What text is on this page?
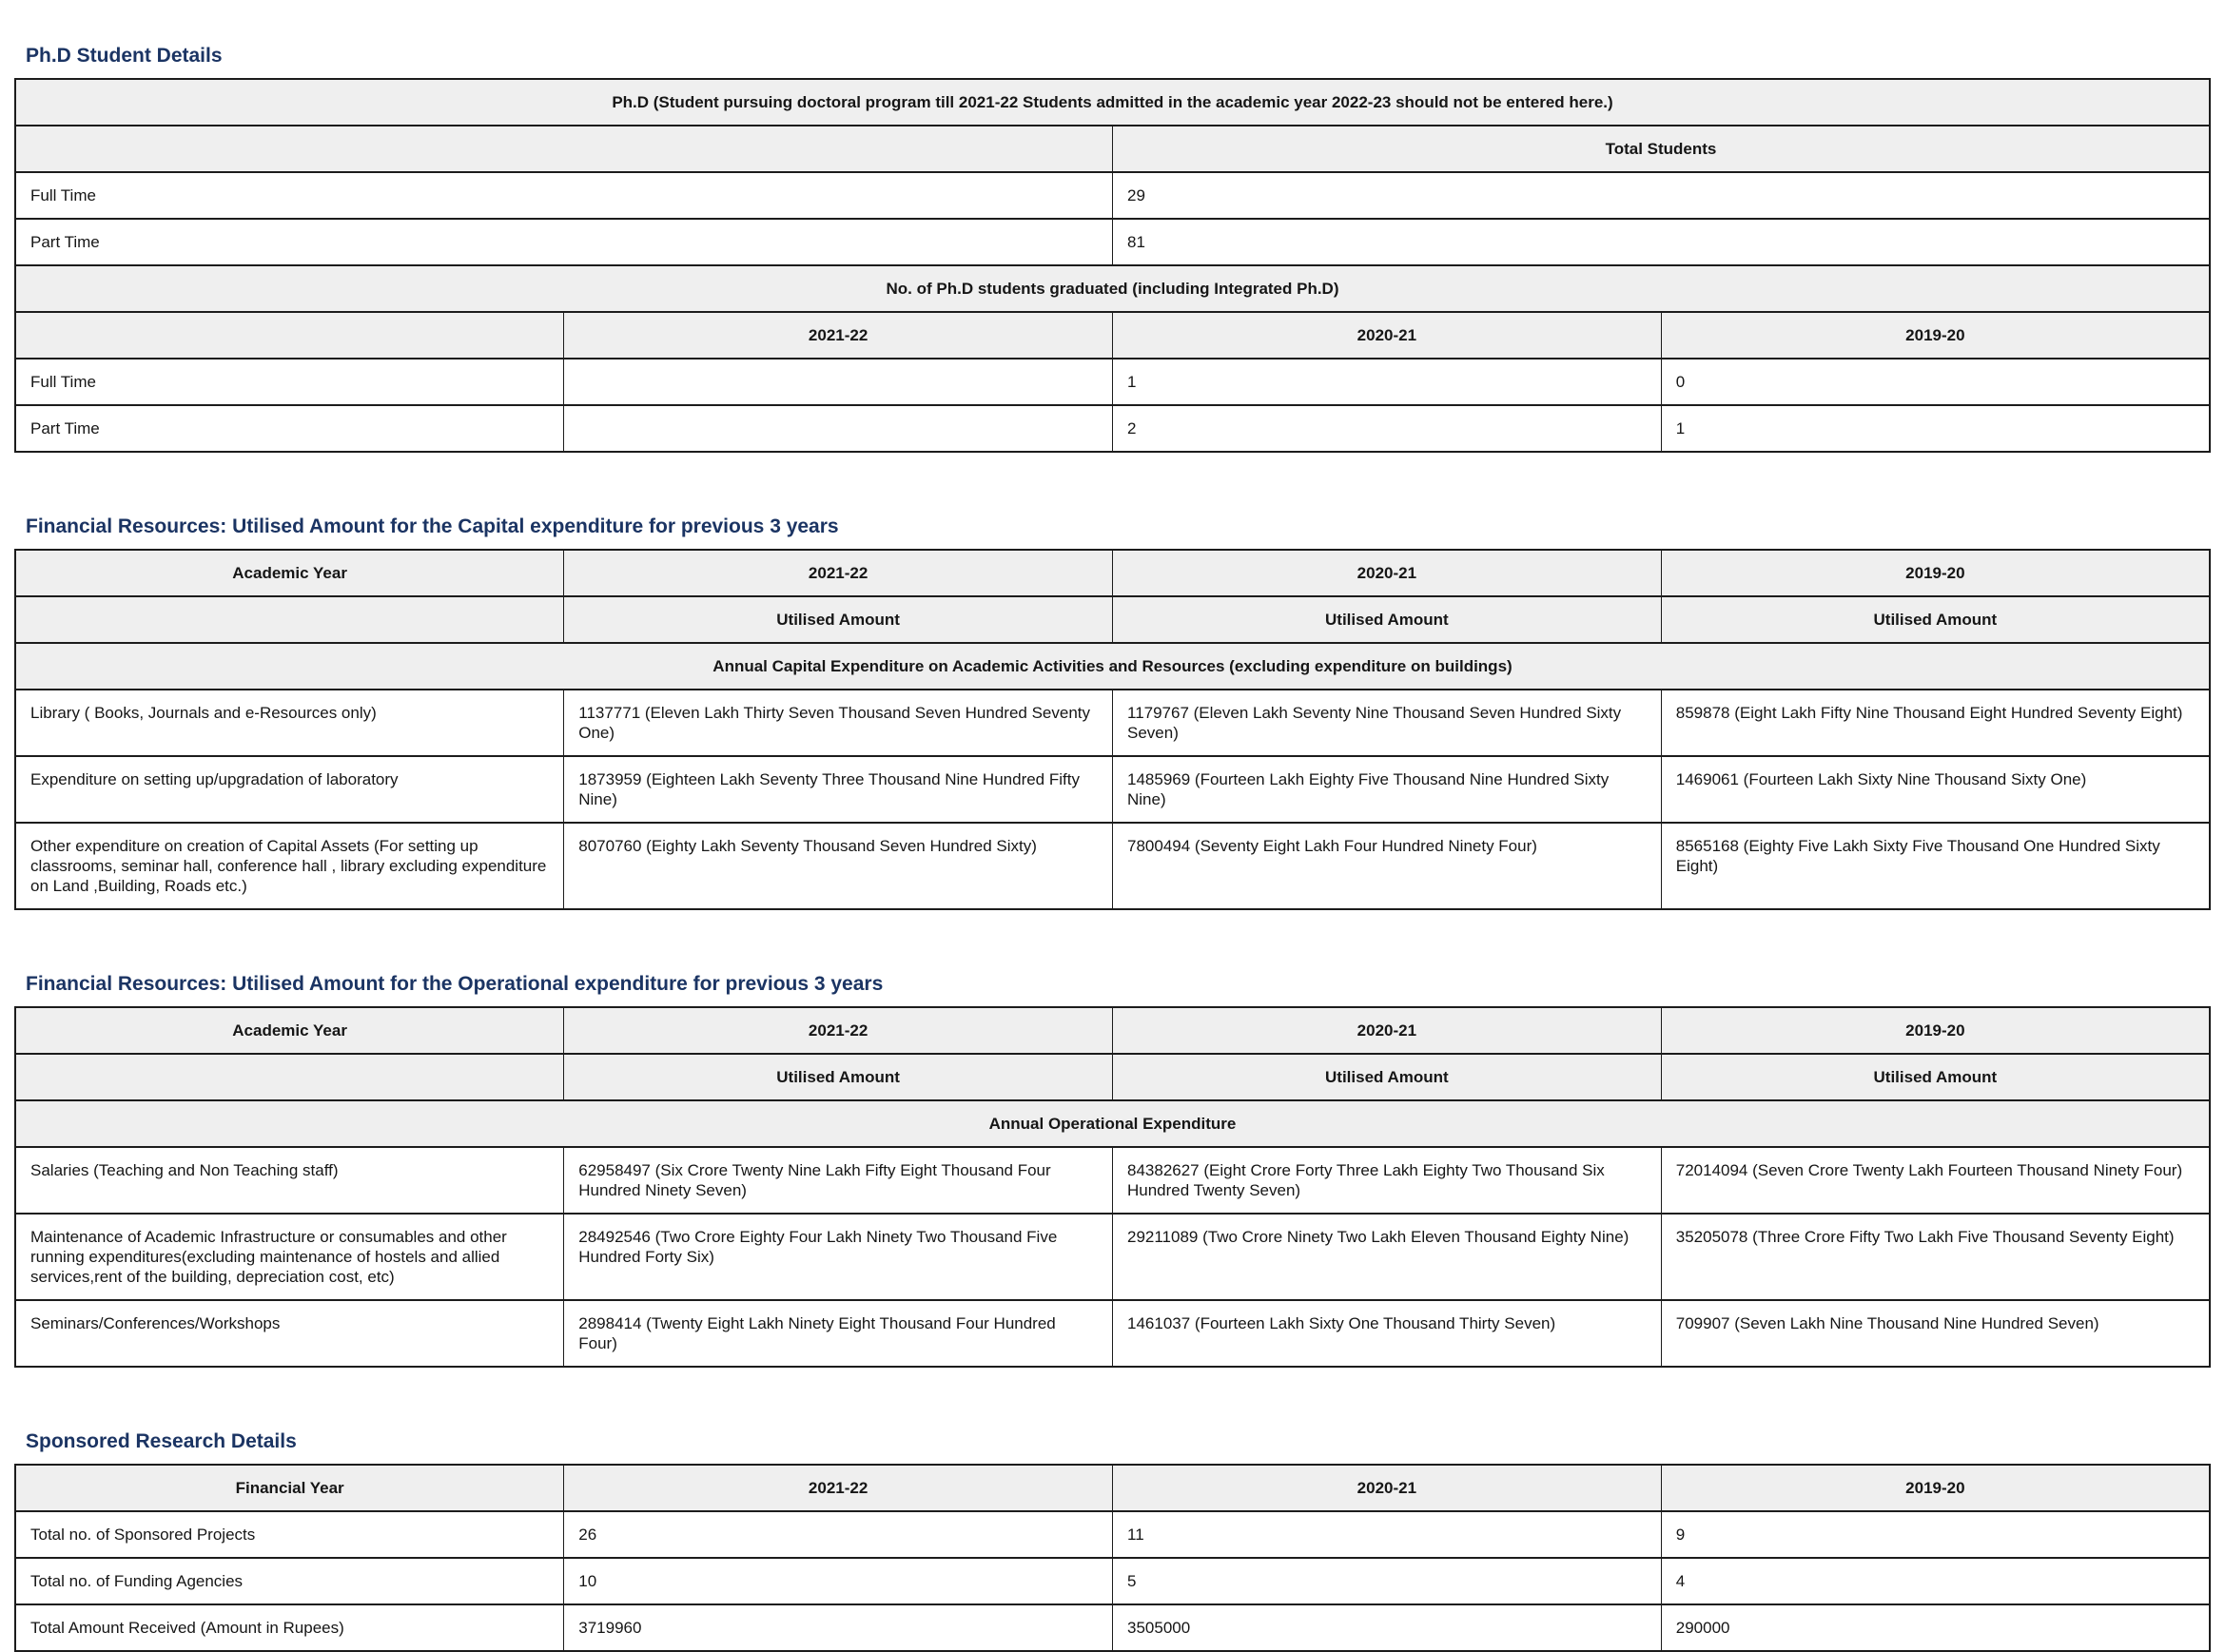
Ph.D Student Details
Ph.D (Student pursuing doctoral program till 2021-22 Students admitted in the academic year 2022-23 should not be entered here.)			
		Total Students	
Full Time		29	
Part Time		81	
No. of Ph.D students graduated (including Integrated Ph.D)			
	2021-22	2020-21	2019-20
Full Time		1	0
Part Time		2	1
Financial Resources: Utilised Amount for the Capital expenditure for previous 3 years
Academic Year	2021-22	2020-21	2019-20
	Utilised Amount	Utilised Amount	Utilised Amount
Annual Capital Expenditure on Academic Activities and Resources (excluding expenditure on buildings)			
Library ( Books, Journals and e-Resources only)	1137771 (Eleven Lakh Thirty Seven Thousand Seven Hundred Seventy One)	1179767 (Eleven Lakh Seventy Nine Thousand Seven Hundred Sixty Seven)	859878 (Eight Lakh Fifty Nine Thousand Eight Hundred Seventy Eight)
Expenditure on setting up/upgradation of laboratory	1873959 (Eighteen Lakh Seventy Three Thousand Nine Hundred Fifty Nine)	1485969 (Fourteen Lakh Eighty Five Thousand Nine Hundred Sixty Nine)	1469061 (Fourteen Lakh Sixty Nine Thousand Sixty One)
Other expenditure on creation of Capital Assets (For setting up classrooms, seminar hall, conference hall , library excluding expenditure on Land ,Building, Roads etc.)	8070760 (Eighty Lakh Seventy Thousand Seven Hundred Sixty)	7800494 (Seventy Eight Lakh Four Hundred Ninety Four)	8565168 (Eighty Five Lakh Sixty Five Thousand One Hundred Sixty Eight)
Financial Resources: Utilised Amount for the Operational expenditure for previous 3 years
Academic Year	2021-22	2020-21	2019-20
	Utilised Amount	Utilised Amount	Utilised Amount
Annual Operational Expenditure			
Salaries (Teaching and Non Teaching staff)	62958497 (Six Crore Twenty Nine Lakh Fifty Eight Thousand Four Hundred Ninety Seven)	84382627 (Eight Crore Forty Three Lakh Eighty Two Thousand Six Hundred Twenty Seven)	72014094 (Seven Crore Twenty Lakh Fourteen Thousand Ninety Four)
Maintenance of Academic Infrastructure or consumables and other running expenditures(excluding maintenance of hostels and allied services,rent of the building, depreciation cost, etc)	28492546 (Two Crore Eighty Four Lakh Ninety Two Thousand Five Hundred Forty Six)	29211089 (Two Crore Ninety Two Lakh Eleven Thousand Eighty Nine)	35205078 (Three Crore Fifty Two Lakh Five Thousand Seventy Eight)
Seminars/Conferences/Workshops	2898414 (Twenty Eight Lakh Ninety Eight Thousand Four Hundred Four)	1461037 (Fourteen Lakh Sixty One Thousand Thirty Seven)	709907 (Seven Lakh Nine Thousand Nine Hundred Seven)
Sponsored Research Details
Financial Year	2021-22	2020-21	2019-20
Total no. of Sponsored Projects	26	11	9
Total no. of Funding Agencies	10	5	4
Total Amount Received (Amount in Rupees)	3719960	3505000	290000
